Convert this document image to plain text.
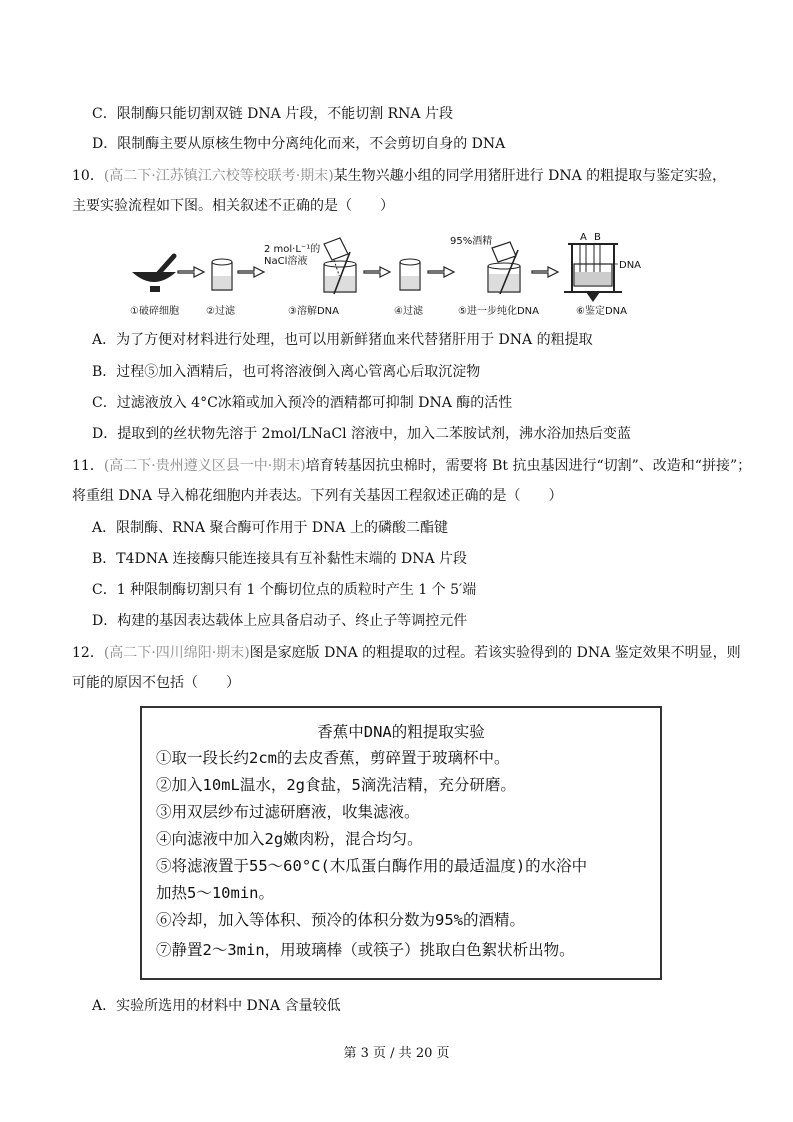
C．限制酶只能切割双链 DNA 片段，不能切割 RNA 片段
D．限制酶主要从原核生物中分离纯化而来，不会剪切自身的 DNA
10．(高二下·江苏镇江六校等校联考·期末)某生物兴趣小组的同学用猪肝进行 DNA 的粗提取与鉴定实验，
主要实验流程如下图。相关叙述不正确的是（　　）
2 mol·L⁻¹的
NaCl溶液
95%酒精	A B
DNA
①破碎细胞	②过滤	③溶解DNA	④过滤	⑤进一步纯化DNA	⑥鉴定DNA
A．为了方便对材料进行处理，也可以用新鲜猪血来代替猪肝用于 DNA 的粗提取
B．过程⑤加入酒精后，也可将溶液倒入离心管离心后取沉淀物
C．过滤液放入 4°C冰箱或加入预冷的酒精都可抑制 DNA 酶的活性
D．提取到的丝状物先溶于 2mol/LNaCl 溶液中，加入二苯胺试剂，沸水浴加热后变蓝
11．(高二下·贵州遵义区县一中·期末)培育转基因抗虫棉时，需要将 Bt 抗虫基因进行“切割”、改造和“拼接”；
将重组 DNA 导入棉花细胞内并表达。下列有关基因工程叙述正确的是（　　）
A．限制酶、RNA 聚合酶可作用于 DNA 上的磷酸二酯键
B．T4DNA 连接酶只能连接具有互补黏性末端的 DNA 片段
C．1 种限制酶切割只有 1 个酶切位点的质粒时产生 1 个 5′端
D．构建的基因表达载体上应具备启动子、终止子等调控元件
12．(高二下·四川绵阳·期末)图是家庭版 DNA 的粗提取的过程。若该实验得到的 DNA 鉴定效果不明显，则
可能的原因不包括（　　）
香蕉中DNA的粗提取实验
①取一段长约2cm的去皮香蕉，剪碎置于玻璃杯中。
②加入10mL温水，2g食盐，5滴洗洁精，充分研磨。
③用双层纱布过滤研磨液，收集滤液。
④向滤液中加入2g嫩肉粉，混合均匀。
⑤将滤液置于55～60°C(木瓜蛋白酶作用的最适温度)的水浴中
加热5～10min。
⑥冷却，加入等体积、预冷的体积分数为95%的酒精。
⑦静置2～3min，用玻璃棒（或筷子）挑取白色絮状析出物。
A．实验所选用的材料中 DNA 含量较低
第 3 页 / 共 20 页
